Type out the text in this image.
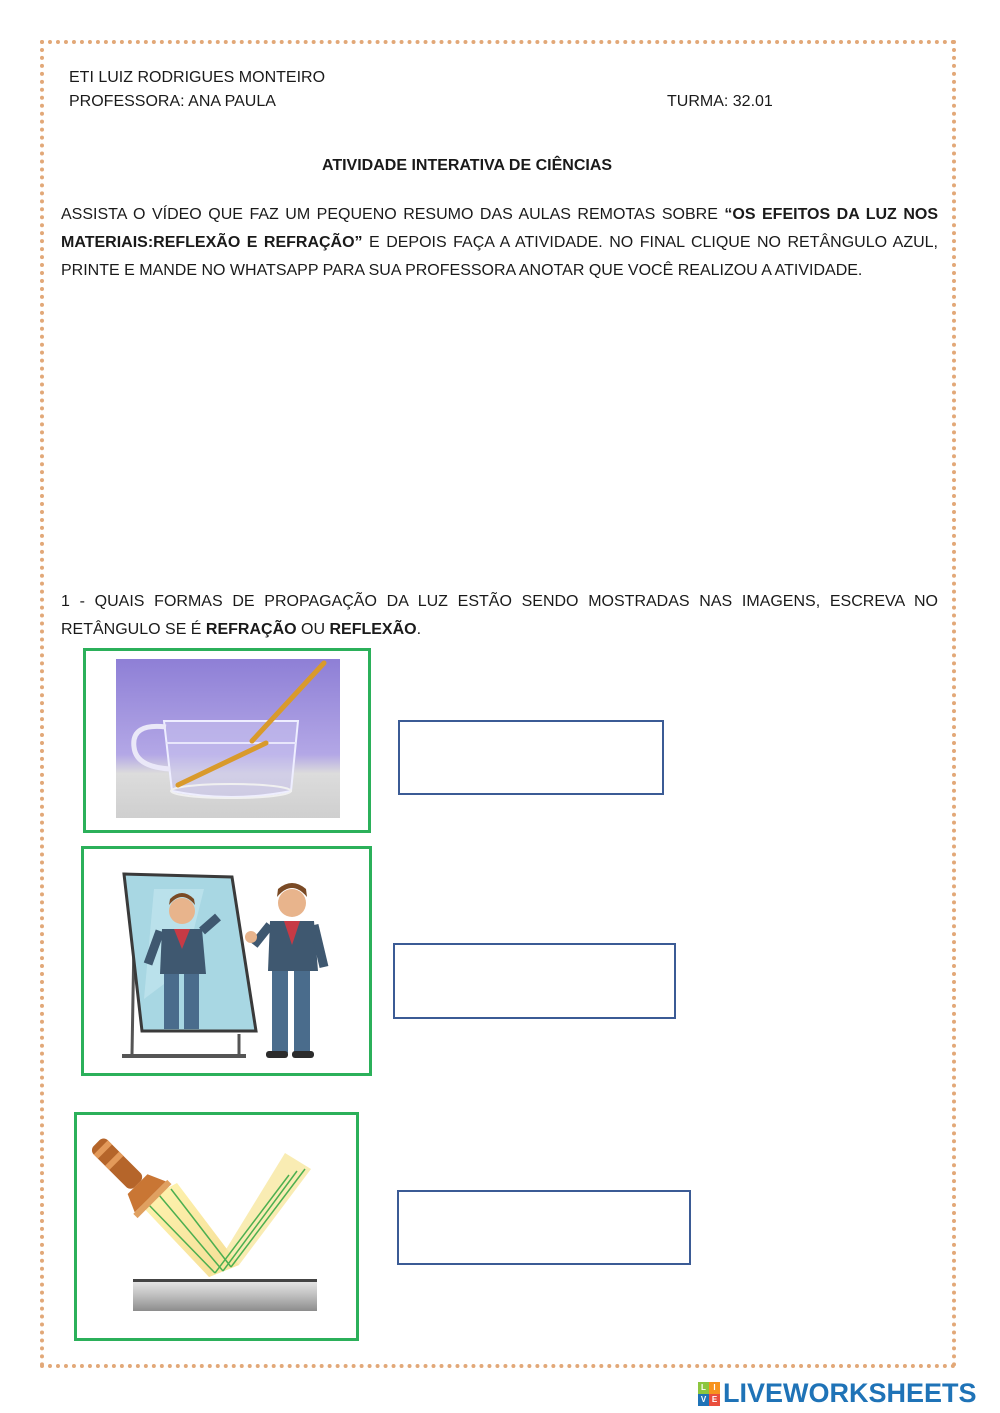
ETI LUIZ RODRIGUES MONTEIRO
PROFESSORA: ANA PAULA	TURMA: 32.01
ATIVIDADE INTERATIVA DE CIÊNCIAS
ASSISTA O VÍDEO QUE FAZ UM PEQUENO RESUMO DAS AULAS REMOTAS SOBRE “OS EFEITOS DA LUZ NOS MATERIAIS:REFLEXÃO E REFRAÇÃO” E DEPOIS FAÇA A ATIVIDADE. NO FINAL CLIQUE NO RETÂNGULO AZUL, PRINTE E MANDE NO WHATSAPP PARA SUA PROFESSORA ANOTAR QUE VOCÊ REALIZOU A ATIVIDADE.
1 - QUAIS FORMAS DE PROPAGAÇÃO DA LUZ ESTÃO SENDO MOSTRADAS NAS IMAGENS, ESCREVA NO RETÂNGULO SE É REFRAÇÃO OU REFLEXÃO.
L I
V E LIVEWORKSHEETS
